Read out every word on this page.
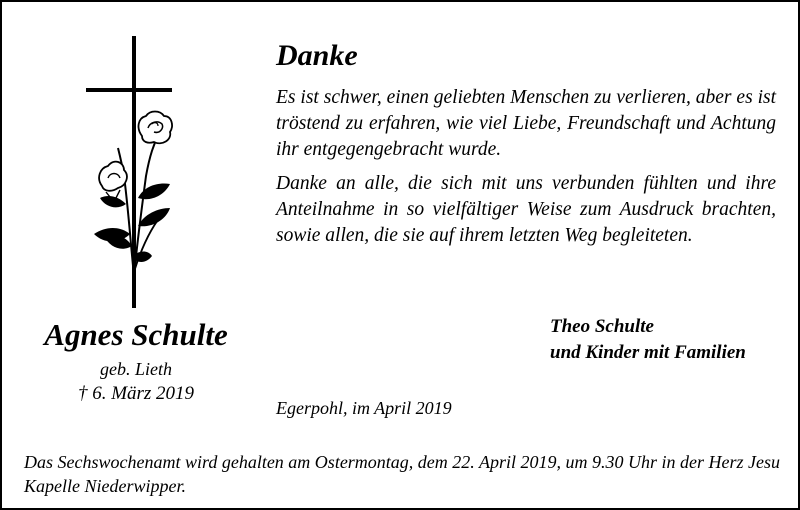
Danke
Es ist schwer, einen geliebten Menschen zu verlieren, aber es ist tröstend zu erfahren, wie viel Liebe, Freundschaft und Achtung ihr entgegengebracht wurde.
Danke an alle, die sich mit uns verbunden fühlten und ihre Anteilnahme in so vielfältiger Weise zum Ausdruck brachten, sowie allen, die sie auf ihrem letzten Weg begleiteten.
Theo Schulte
und Kinder mit Familien
Agnes Schulte
geb. Lieth
† 6. März 2019
Egerpohl, im April 2019
Das Sechswochenamt wird gehalten am Ostermontag, dem 22. April 2019, um 9.30 Uhr in der Herz Jesu Kapelle Niederwipper.
